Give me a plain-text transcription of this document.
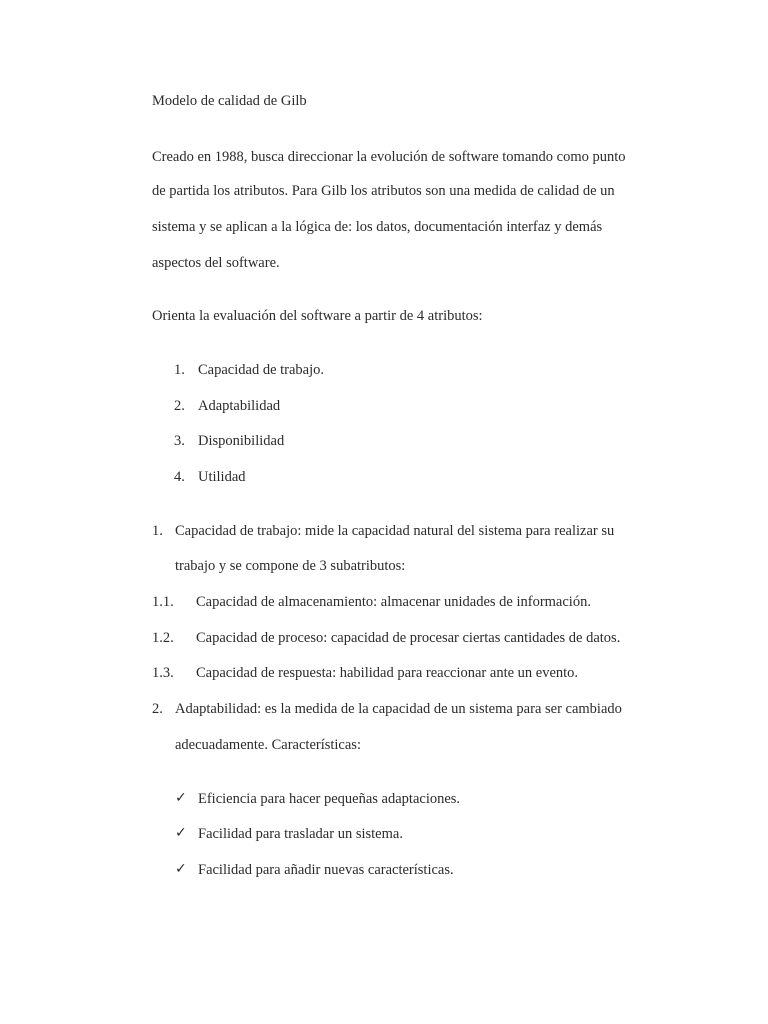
Modelo de calidad de Gilb
Creado en 1988, busca direccionar la evolución de software tomando como punto
de partida los atributos. Para Gilb los atributos son una medida de calidad de un
sistema y se aplican a la lógica de: los datos, documentación interfaz y demás
aspectos del software.
Orienta la evaluación del software a partir de 4 atributos:
1. Capacidad de trabajo.
2. Adaptabilidad
3. Disponibilidad
4. Utilidad
1. Capacidad de trabajo: mide la capacidad natural del sistema para realizar su
trabajo y se compone de 3 subatributos:
1.1. Capacidad de almacenamiento: almacenar unidades de información.
1.2. Capacidad de proceso: capacidad de procesar ciertas cantidades de datos.
1.3. Capacidad de respuesta: habilidad para reaccionar ante un evento.
2. Adaptabilidad: es la medida de la capacidad de un sistema para ser cambiado
adecuadamente. Características:
✓ Eficiencia para hacer pequeñas adaptaciones.
✓ Facilidad para trasladar un sistema.
✓ Facilidad para añadir nuevas características.
